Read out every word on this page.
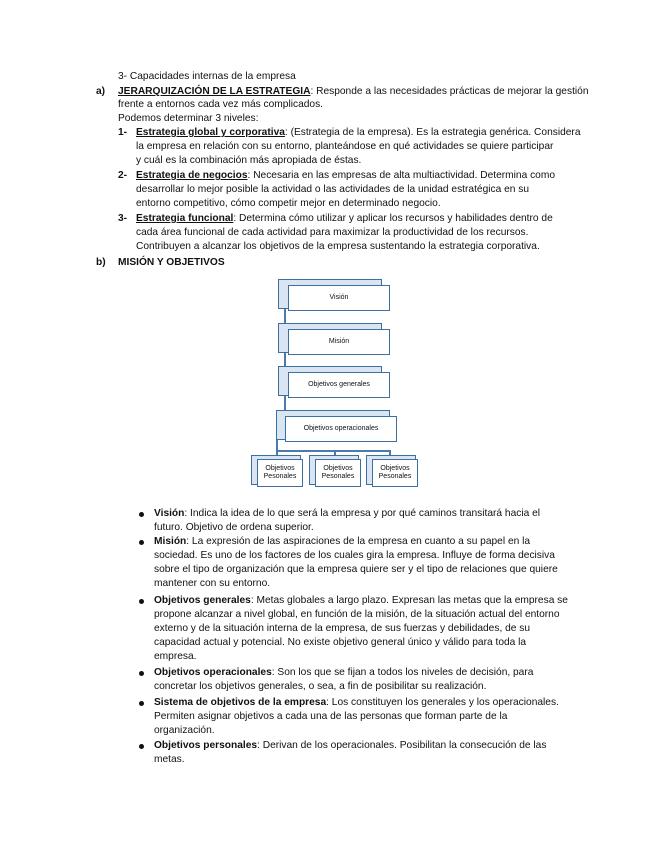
3- Capacidades internas de la empresa
a) JERARQUIZACIÓN DE LA ESTRATEGIA: Responde a las necesidades prácticas de mejorar la gestión
frente a entornos cada vez más complicados.
Podemos determinar 3 niveles:
1- Estrategia global y corporativa: (Estrategia de la empresa). Es la estrategia genérica. Considera
la empresa en relación con su entorno, planteándose en qué actividades se quiere participar
y cuál es la combinación más apropiada de éstas.
2- Estrategia de negocios: Necesaria en las empresas de alta multiactividad. Determina como
desarrollar lo mejor posible la actividad o las actividades de la unidad estratégica en su
entorno competitivo, cómo competir mejor en determinado negocio.
3- Estrategia funcional: Determina cómo utilizar y aplicar los recursos y habilidades dentro de
cada área funcional de cada actividad para maximizar la productividad de los recursos.
Contribuyen a alcanzar los objetivos de la empresa sustentando la estrategia corporativa.
b) MISIÓN Y OBJETIVOS
Visión
Misión
Objetivos generales
Objetivos operacionales
Objetivos Pesonales
Objetivos Pesonales
Objetivos Pesonales
Visión: Indica la idea de lo que será la empresa y por qué caminos transitará hacia el
futuro. Objetivo de ordena superior.
Misión: La expresión de las aspiraciones de la empresa en cuanto a su papel en la
sociedad. Es uno de los factores de los cuales gira la empresa. Influye de forma decisiva
sobre el tipo de organización que la empresa quiere ser y el tipo de relaciones que quiere
mantener con su entorno.
Objetivos generales: Metas globales a largo plazo. Expresan las metas que la empresa se
propone alcanzar a nivel global, en función de la misión, de la situación actual del entorno
externo y de la situación interna de la empresa, de sus fuerzas y debilidades, de su
capacidad actual y potencial. No existe objetivo general único y válido para toda la
empresa.
Objetivos operacionales: Son los que se fijan a todos los niveles de decisión, para
concretar los objetivos generales, o sea, a fin de posibilitar su realización.
Sistema de objetivos de la empresa: Los constituyen los generales y los operacionales.
Permiten asignar objetivos a cada una de las personas que forman parte de la
organización.
Objetivos personales: Derivan de los operacionales. Posibilitan la consecución de las
metas.
